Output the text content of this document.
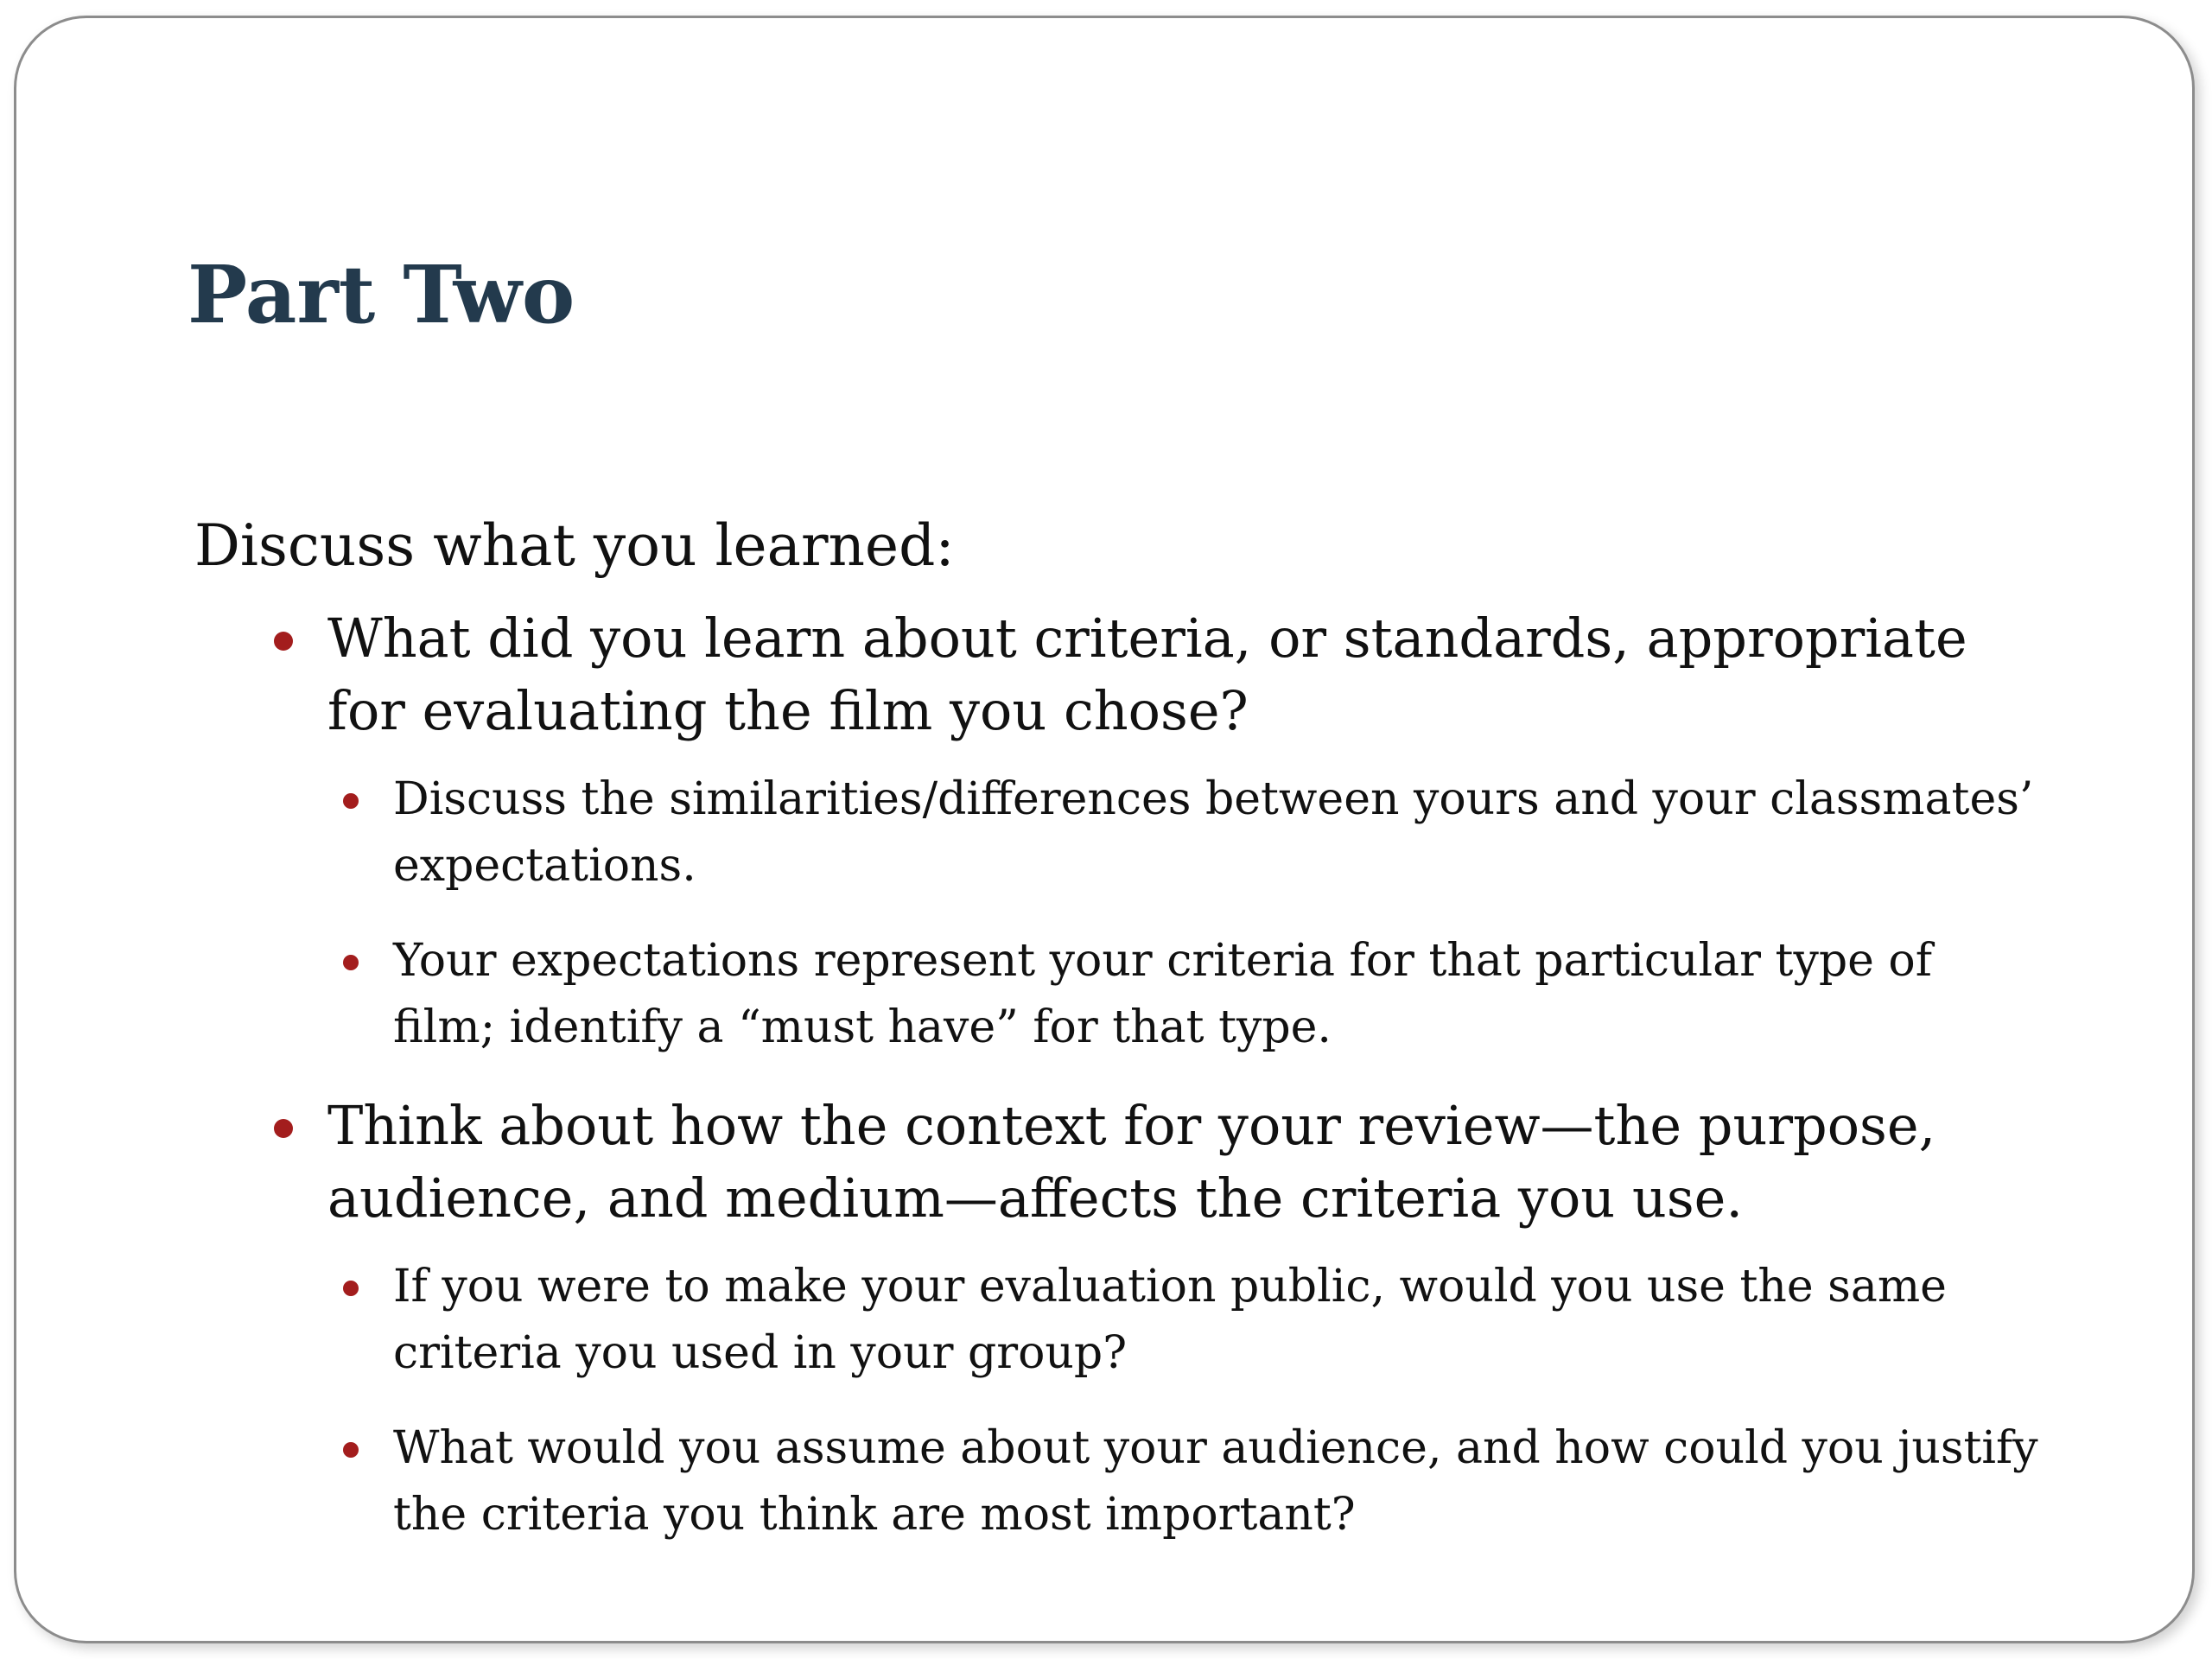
Part Two

Discuss what you learned:

What did you learn about criteria, or standards, appropriate for evaluating the film you chose?
Discuss the similarities/differences between yours and your classmates’ expectations.
Your expectations represent your criteria for that particular type of film; identify a “must have” for that type.
Think about how the context for your review—the purpose, audience, and medium—affects the criteria you use.
If you were to make your evaluation public, would you use the same criteria you used in your group?
What would you assume about your audience, and how could you justify the criteria you think are most important?
